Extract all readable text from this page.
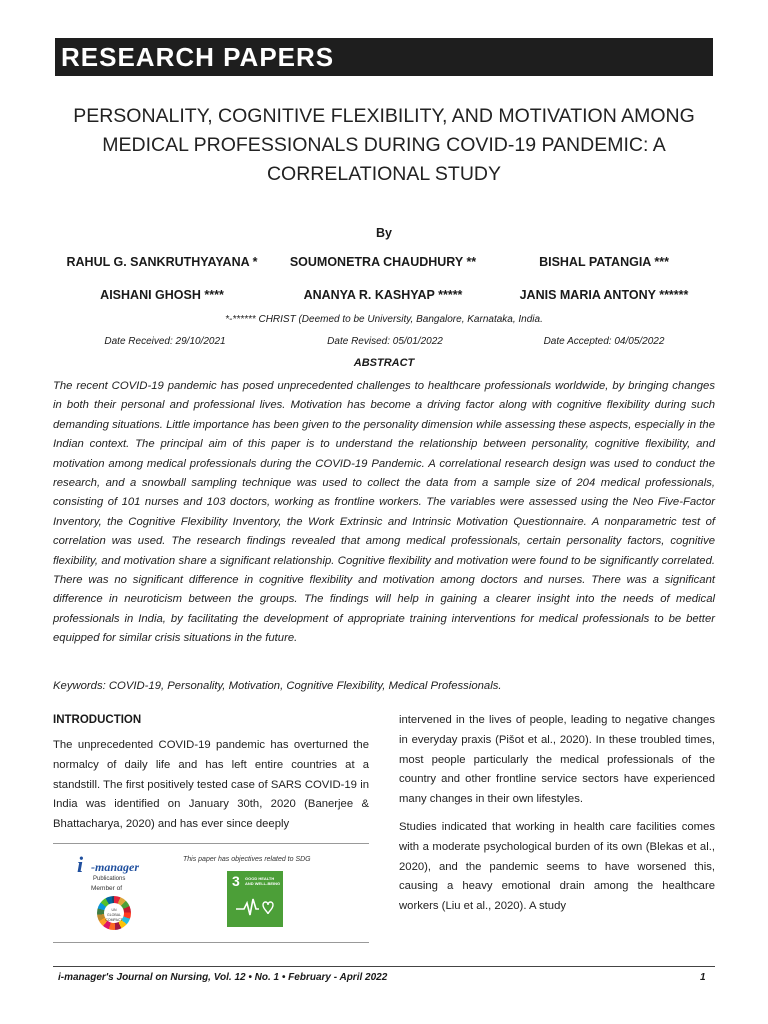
RESEARCH PAPERS
PERSONALITY, COGNITIVE FLEXIBILITY, AND MOTIVATION AMONG MEDICAL PROFESSIONALS DURING COVID-19 PANDEMIC: A CORRELATIONAL STUDY
By
RAHUL G. SANKRUTHYAYANA *	SOUMONETRA CHAUDHURY **	BISHAL PATANGIA ***
AISHANI GHOSH ****	ANANYA R. KASHYAP *****	JANIS MARIA ANTONY ******
*-****** CHRIST (Deemed to be University, Bangalore, Karnataka, India.
Date Received: 29/10/2021	Date Revised: 05/01/2022	Date Accepted: 04/05/2022
ABSTRACT

The recent COVID-19 pandemic has posed unprecedented challenges to healthcare professionals worldwide, by bringing changes in both their personal and professional lives. Motivation has become a driving factor along with cognitive flexibility during such demanding situations. Little importance has been given to the personality dimension while assessing these aspects, especially in the Indian context. The principal aim of this paper is to understand the relationship between personality, cognitive flexibility, and motivation among medical professionals during the COVID-19 Pandemic. A correlational research design was used to conduct the research, and a snowball sampling technique was used to collect the data from a sample size of 204 medical professionals, consisting of 101 nurses and 103 doctors, working as frontline workers. The variables were assessed using the Neo Five-Factor Inventory, the Cognitive Flexibility Inventory, the Work Extrinsic and Intrinsic Motivation Questionnaire. A nonparametric test of correlation was used. The research findings revealed that among medical professionals, certain personality factors, cognitive flexibility, and motivation share a significant relationship. Cognitive flexibility and motivation were found to be significantly correlated. There was no significant difference in cognitive flexibility and motivation among doctors and nurses. There was a significant difference in neuroticism between the groups. The findings will help in gaining a clearer insight into the needs of medical professionals in India, by facilitating the development of appropriate training interventions for medical professionals to be better equipped for similar crisis situations in the future.

Keywords: COVID-19, Personality, Motivation, Cognitive Flexibility, Medical Professionals.
INTRODUCTION

The unprecedented COVID-19 pandemic has overturned the normalcy of daily life and has left entire countries at a standstill. The first positively tested case of SARS COVID-19 in India was identified on January 30th, 2020 (Banerjee & Bhattacharya, 2020) and has ever since deeply

intervened in the lives of people, leading to negative changes in everyday praxis (Pišot et al., 2020). In these troubled times, most people particularly the medical professionals of the country and other frontline service sectors have experienced many changes in their own lifestyles.

Studies indicated that working in health care facilities comes with a moderate psychological burden of its own (Blekas et al., 2020), and the pandemic seems to have worsened this, causing a heavy emotional drain among the healthcare workers (Liu et al., 2020). A study

i -manager
Publications
Member of
UN GLOBAL COMPACT
This paper has objectives related to SDG
3 GOOD HEALTH
AND WELL-BEING
i-manager's Journal on Nursing, Vol. 12 • No. 1 • February - April 2022	1
